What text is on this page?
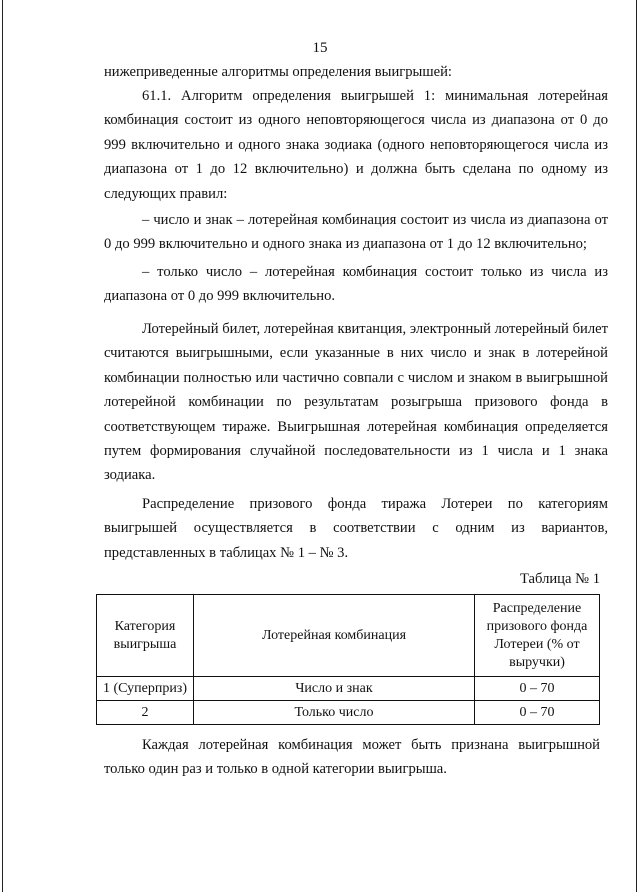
15

нижеприведенные алгоритмы определения выигрышей:

61.1. Алгоритм определения выигрышей 1: минимальная лотерейная комбинация состоит из одного неповторяющегося числа из диапазона от 0 до 999 включительно и одного знака зодиака (одного неповторяющегося числа из диапазона от 1 до 12 включительно) и должна быть сделана по одному из следующих правил:

– число и знак – лотерейная комбинация состоит из числа из диапазона от 0 до 999 включительно и одного знака из диапазона от 1 до 12 включительно;

– только число – лотерейная комбинация состоит только из числа из диапазона от 0 до 999 включительно.

Лотерейный билет, лотерейная квитанция, электронный лотерейный билет считаются выигрышными, если указанные в них число и знак в лотерейной комбинации полностью или частично совпали с числом и знаком в выигрышной лотерейной комбинации по результатам розыгрыша призового фонда в соответствующем тираже. Выигрышная лотерейная комбинация определяется путем формирования случайной последовательности из 1 числа и 1 знака зодиака.

Распределение призового фонда тиража Лотереи по категориям выигрышей осуществляется в соответствии с одним из вариантов, представленных в таблицах № 1 – № 3.

Таблица № 1
Категория выигрыша	Лотерейная комбинация	Распределение призового фонда Лотереи (% от выручки)
1 (Суперприз)	Число и знак	0 – 70
2	Только число	0 – 70

Каждая лотерейная комбинация может быть признана выигрышной только один раз и только в одной категории выигрыша.
